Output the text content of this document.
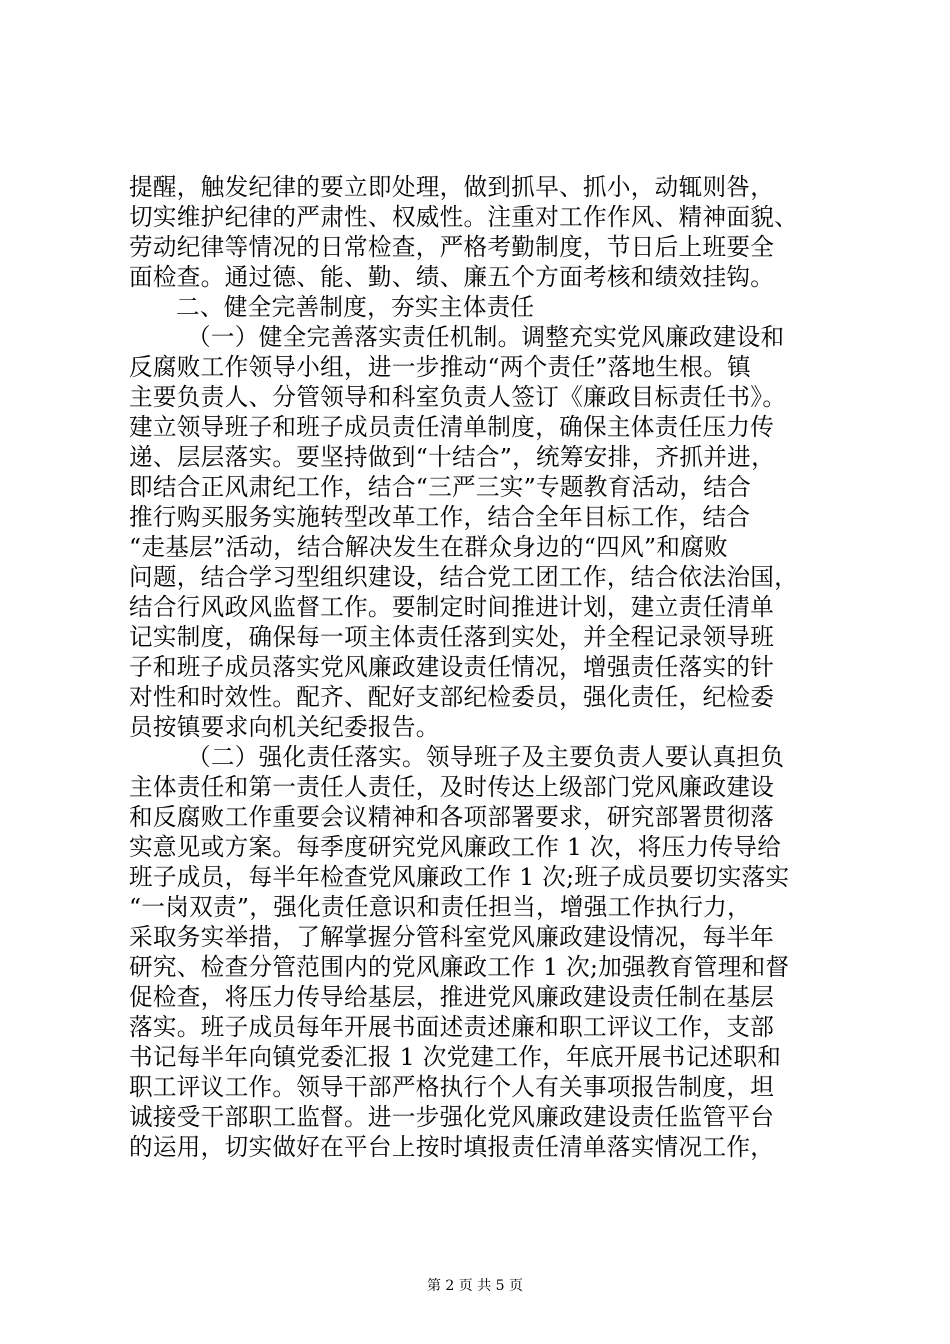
提醒，触发纪律的要立即处理，做到抓早、抓小，动辄则咎，
切实维护纪律的严肃性、权威性。注重对工作作风、精神面貌、
劳动纪律等情况的日常检查，严格考勤制度，节日后上班要全
面检查。通过德、能、勤、绩、廉五个方面考核和绩效挂钩。
二、健全完善制度，夯实主体责任
（一）健全完善落实责任机制。调整充实党风廉政建设和
反腐败工作领导小组，进一步推动“两个责任”落地生根。镇
主要负责人、分管领导和科室负责人签订《廉政目标责任书》。
建立领导班子和班子成员责任清单制度，确保主体责任压力传
递、层层落实。要坚持做到“十结合”，统筹安排，齐抓并进，
即结合正风肃纪工作，结合“三严三实”专题教育活动，结合
推行购买服务实施转型改革工作，结合全年目标工作，结合
“走基层”活动，结合解决发生在群众身边的“四风”和腐败
问题，结合学习型组织建设，结合党工团工作，结合依法治国，
结合行风政风监督工作。要制定时间推进计划，建立责任清单
记实制度，确保每一项主体责任落到实处，并全程记录领导班
子和班子成员落实党风廉政建设责任情况，增强责任落实的针
对性和时效性。配齐、配好支部纪检委员，强化责任，纪检委
员按镇要求向机关纪委报告。
（二）强化责任落实。领导班子及主要负责人要认真担负
主体责任和第一责任人责任，及时传达上级部门党风廉政建设
和反腐败工作重要会议精神和各项部署要求，研究部署贯彻落
实意见或方案。每季度研究党风廉政工作 1 次，将压力传导给
班子成员，每半年检查党风廉政工作 1 次;班子成员要切实落实
“一岗双责”，强化责任意识和责任担当，增强工作执行力，
采取务实举措，了解掌握分管科室党风廉政建设情况，每半年
研究、检查分管范围内的党风廉政工作 1 次;加强教育管理和督
促检查，将压力传导给基层，推进党风廉政建设责任制在基层
落实。班子成员每年开展书面述责述廉和职工评议工作，支部
书记每半年向镇党委汇报 1 次党建工作，年底开展书记述职和
职工评议工作。领导干部严格执行个人有关事项报告制度，坦
诚接受干部职工监督。进一步强化党风廉政建设责任监管平台
的运用，切实做好在平台上按时填报责任清单落实情况工作，
第 2 页 共 5 页
